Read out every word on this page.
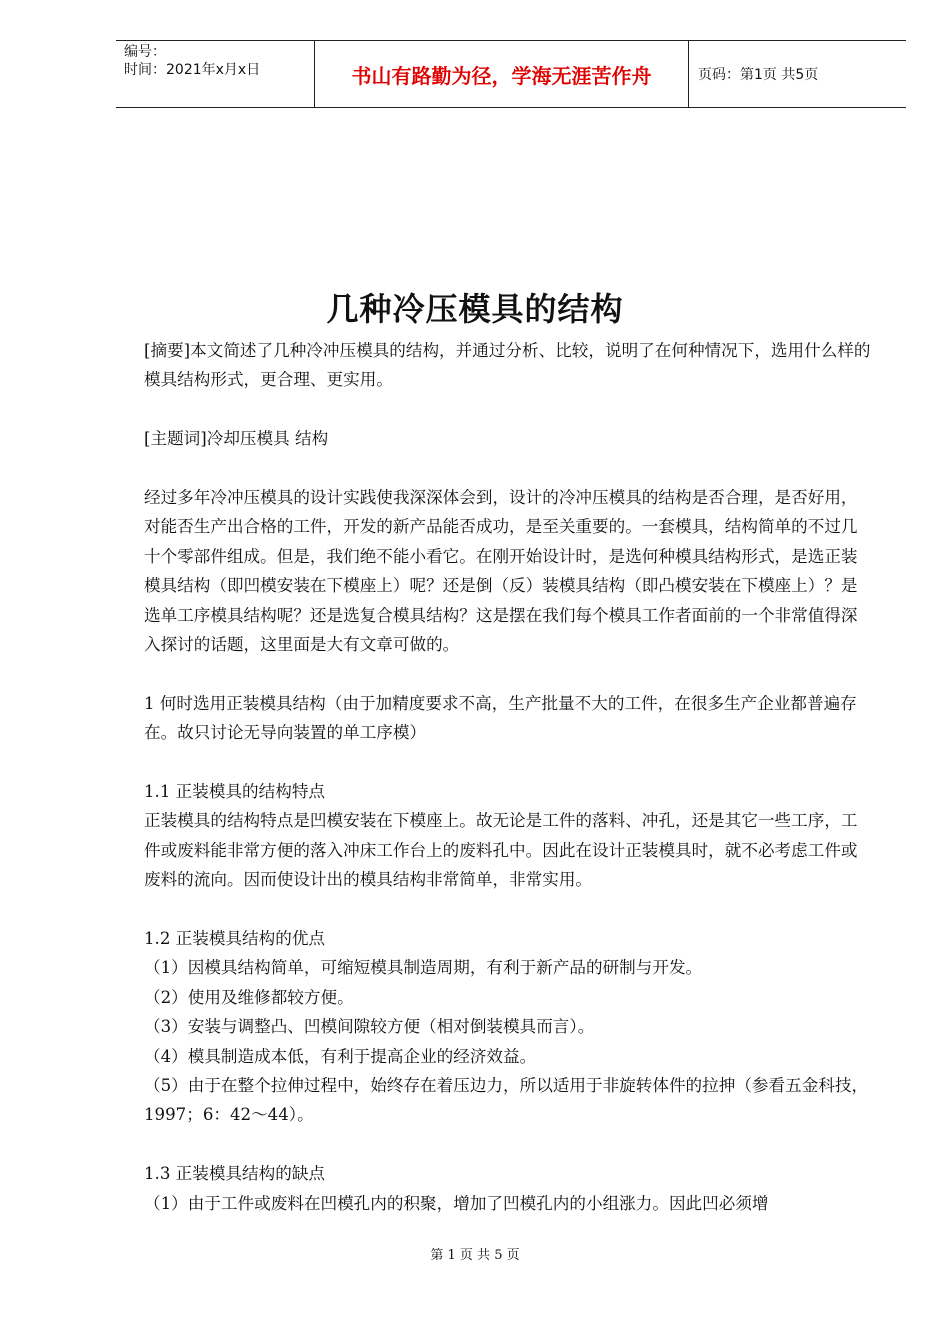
编号：
时间：2021年x月x日	书山有路勤为径，学海无涯苦作舟	页码：第1页 共5页
几种冷压模具的结构

[摘要]本文简述了几种冷冲压模具的结构，并通过分析、比较，说明了在何种情况下，选用什么样的模具结构形式，更合理、更实用。

[主题词]冷却压模具 结构

经过多年冷冲压模具的设计实践使我深深体会到，设计的冷冲压模具的结构是否合理，是否好用，对能否生产出合格的工件，开发的新产品能否成功，是至关重要的。一套模具，结构简单的不过几十个零部件组成。但是，我们绝不能小看它。在刚开始设计时，是选何种模具结构形式，是选正装模具结构（即凹模安装在下模座上）呢？还是倒（反）装模具结构（即凸模安装在下模座上）？是选单工序模具结构呢？还是选复合模具结构？这是摆在我们每个模具工作者面前的一个非常值得深入探讨的话题，这里面是大有文章可做的。

1 何时选用正装模具结构（由于加精度要求不高，生产批量不大的工件，在很多生产企业都普遍存在。故只讨论无导向装置的单工序模）

1.1 正装模具的结构特点

正装模具的结构特点是凹模安装在下模座上。故无论是工件的落料、冲孔，还是其它一些工序，工件或废料能非常方便的落入冲床工作台上的废料孔中。因此在设计正装模具时，就不必考虑工件或废料的流向。因而使设计出的模具结构非常简单，非常实用。

1.2 正装模具结构的优点

（1）因模具结构简单，可缩短模具制造周期，有利于新产品的研制与开发。

（2）使用及维修都较方便。

（3）安装与调整凸、凹模间隙较方便（相对倒装模具而言）。

（4）模具制造成本低，有利于提高企业的经济效益。

（5）由于在整个拉伸过程中，始终存在着压边力，所以适用于非旋转体件的拉抻（参看五金科技，1997；6：42～44）。

1.3 正装模具结构的缺点

（1）由于工件或废料在凹模孔内的积聚，增加了凹模孔内的小组涨力。因此凹必须增

第 1 页 共 5 页
